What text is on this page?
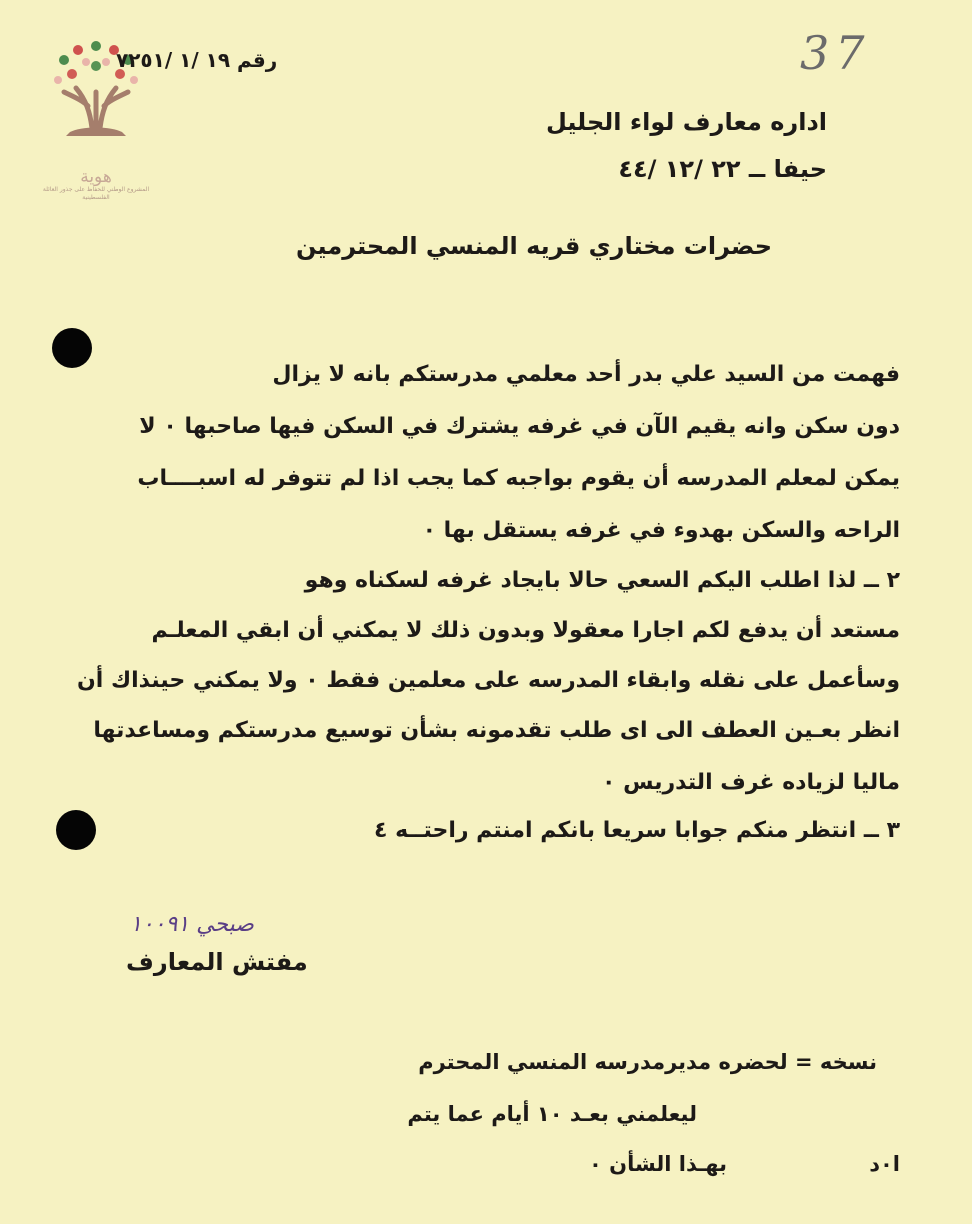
هوية
المشروع الوطني للحفاظ على جذور العائلة الفلسطينية
رقم ١٩ /١ /٧٢٥١	37
اداره معارف لواء الجليل
حيفا ــ ٢٢ /١٢ /٤٤
حضرات مختاري قريه المنسي المحترمين
فهمت من السيد علي بدر أحد معلمي مدرستكم بانه لا يزال
دون سكن وانه يقيم الآن في غرفه يشترك في السكن فيها صاحبها ٠ لا
يمكن لمعلم المدرسه أن يقوم بواجبه كما يجب اذا لم تتوفر له اسبــــاب
الراحه والسكن بهدوء في غرفه يستقل بها ٠
٢ ــ لذا اطلب اليكم السعي حالا بايجاد غرفه لسكناه وهو
مستعد أن يدفع لكم اجارا معقولا وبدون ذلك لا يمكني أن ابقي المعلـم
وسأعمل على نقله وابقاء المدرسه على معلمين فقط ٠ ولا يمكني حينذاك أن
انظر بعـين العطف الى اى طلب تقدمونه بشأن توسيع مدرستكم ومساعدتها
ماليا لزياده غرف التدريس ٠
٣ ــ انتظر منكم جوابا سريعا بانكم امنتم راحتــه ٤
صبحي ١٠٠٩١
مفتش المعارف
نسخه = لحضره مديرمدرسه المنسي المحترم
ليعلمني بعـد ١٠ أيام عما يتم
بهـذا الشأن ٠	ا٠د
